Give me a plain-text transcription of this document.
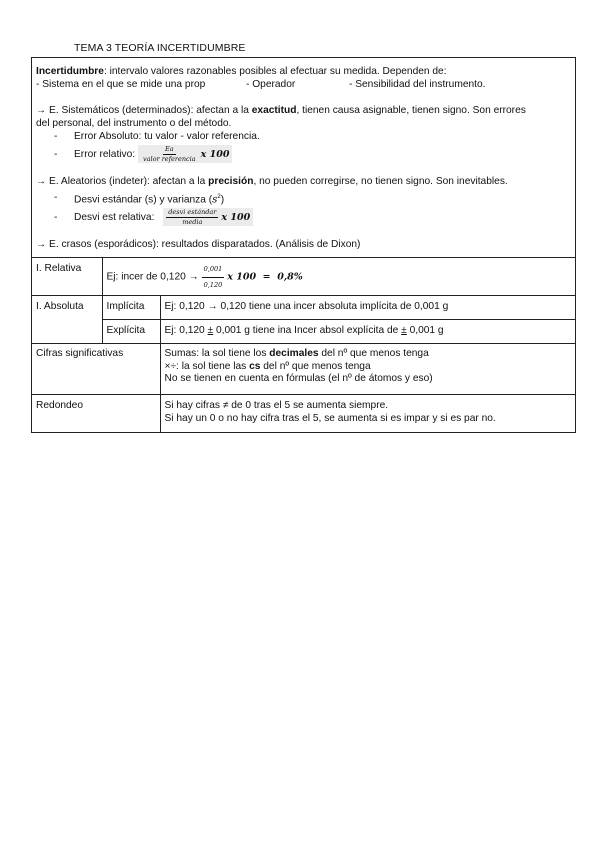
TEMA 3 TEORÍA INCERTIDUMBRE

Incertidumbre: intervalo valores razonables posibles al efectuar su medida. Dependen de:

- Sistema en el que se mide una prop	- Operador	- Sensibilidad del instrumento.

→ E. Sistemáticos (determinados): afectan a la exactitud, tienen causa asignable, tienen signo. Son errores

del personal, del instrumento o del método.

- Error Absoluto: tu valor - valor referencia.
- Error relativo: $\frac{Ea}{\text{valor referencia}}$ x 100

→ E. Aleatorios (indeter): afectan a la precisión, no pueden corregirse, no tienen signo. Son inevitables.

- Desvi estándar (s) y varianza $(s^2)$
- Desvi est relativa: $\frac{\text{desvi estándar}}{\text{media}}$ x 100

→ E. crasos (esporádicos): resultados disparatados. (Análisis de Dixon)

I. Relativa	Ej: incer de $0,120 \to \frac{0,001}{0,120}$ x 100  =  0,8%	
I. Absoluta	Implícita	Ej: 0,120 → 0,120 tiene una incer absoluta implícita de 0,001 g
	Explícita	Ej: 0,120 ± 0,001 g tiene ina Incer absol explícita de ± 0,001 g
Cifras significativas		Sumas: la sol tiene los decimales del nº que menos tenga
×÷: la sol tiene las cs del nº que menos tenga
No se tienen en cuenta en fórmulas (el nº de átomos y eso)

Redondeo		Si hay cifras ≠ de 0 tras el 5 se aumenta siempre.
Si hay un 0 o no hay cifra tras el 5, se aumenta si es impar y si es par no.
